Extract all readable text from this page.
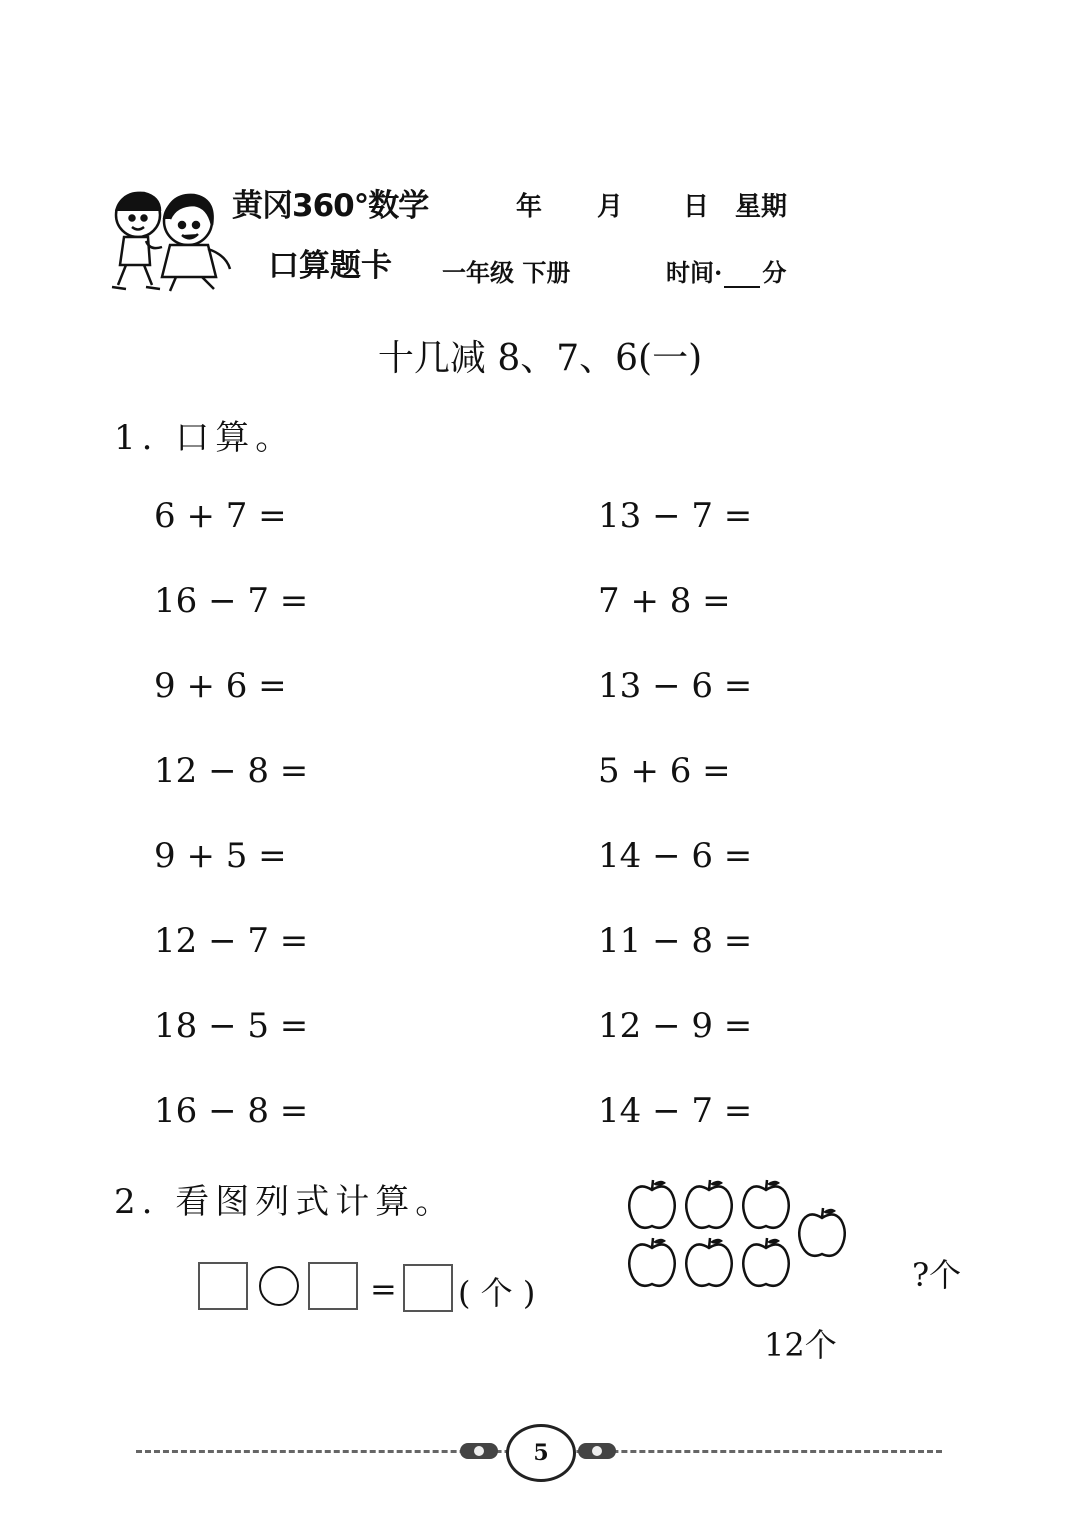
黄冈360°数学
口算题卡
年 月 日 星期
一年级 下册	时间· 分
十几减 8、7、6(一)
1. 口算。
6 + 7 =
16 − 7 =
9 + 6 =
12 − 8 =
9 + 5 =
12 − 7 =
18 − 5 =
16 − 8 =
13 − 7 =
7 + 8 =
13 − 6 =
5 + 6 =
14 − 6 =
11 − 8 =
12 − 9 =
14 − 7 =
2. 看图列式计算。
= ( 个 )	?个
12个
5
